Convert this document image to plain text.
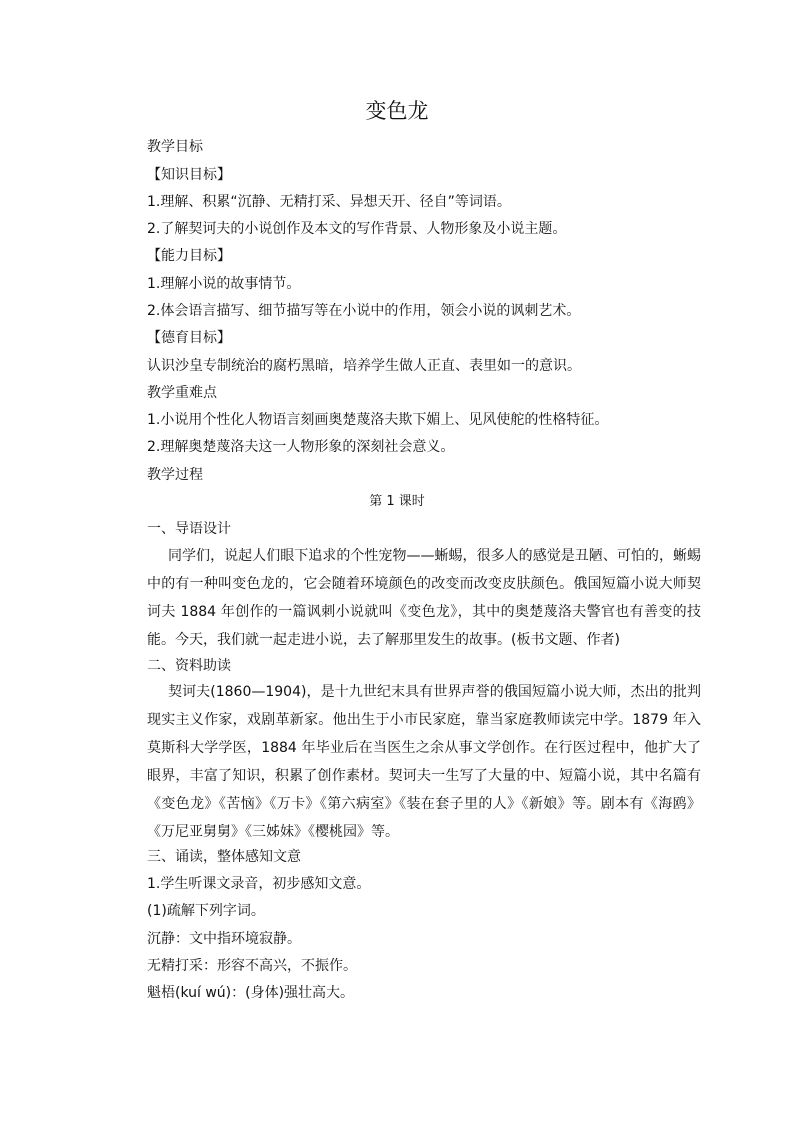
变色龙

教学目标

【知识目标】

1.理解、积累“沉静、无精打采、异想天开、径自”等词语。

2.了解契诃夫的小说创作及本文的写作背景、人物形象及小说主题。

【能力目标】

1.理解小说的故事情节。

2.体会语言描写、细节描写等在小说中的作用，领会小说的讽刺艺术。

【德育目标】

认识沙皇专制统治的腐朽黑暗，培养学生做人正直、表里如一的意识。

教学重难点

1.小说用个性化人物语言刻画奥楚蔑洛夫欺下媚上、见风使舵的性格特征。

2.理解奥楚蔑洛夫这一人物形象的深刻社会意义。

教学过程

第 1 课时

一、导语设计

同学们，说起人们眼下追求的个性宠物——蜥蜴，很多人的感觉是丑陋、可怕的，蜥蜴中的有一种叫变色龙的，它会随着环境颜色的改变而改变皮肤颜色。俄国短篇小说大师契诃夫 1884 年创作的一篇讽刺小说就叫《变色龙》，其中的奥楚蔑洛夫警官也有善变的技能。今天，我们就一起走进小说，去了解那里发生的故事。(板书文题、作者)

二、资料助读

契诃夫(1860—1904)，是十九世纪末具有世界声誉的俄国短篇小说大师，杰出的批判现实主义作家，戏剧革新家。他出生于小市民家庭，靠当家庭教师读完中学。1879 年入莫斯科大学学医，1884 年毕业后在当医生之余从事文学创作。在行医过程中，他扩大了眼界，丰富了知识，积累了创作素材。契诃夫一生写了大量的中、短篇小说，其中名篇有《变色龙》《苦恼》《万卡》《第六病室》《装在套子里的人》《新娘》等。剧本有《海鸥》《万尼亚舅舅》《三姊妹》《樱桃园》等。

三、诵读，整体感知文意

1.学生听课文录音，初步感知文意。

(1)疏解下列字词。

沉静：文中指环境寂静。

无精打采：形容不高兴，不振作。

魁梧(kuí wú)：(身体)强壮高大。
